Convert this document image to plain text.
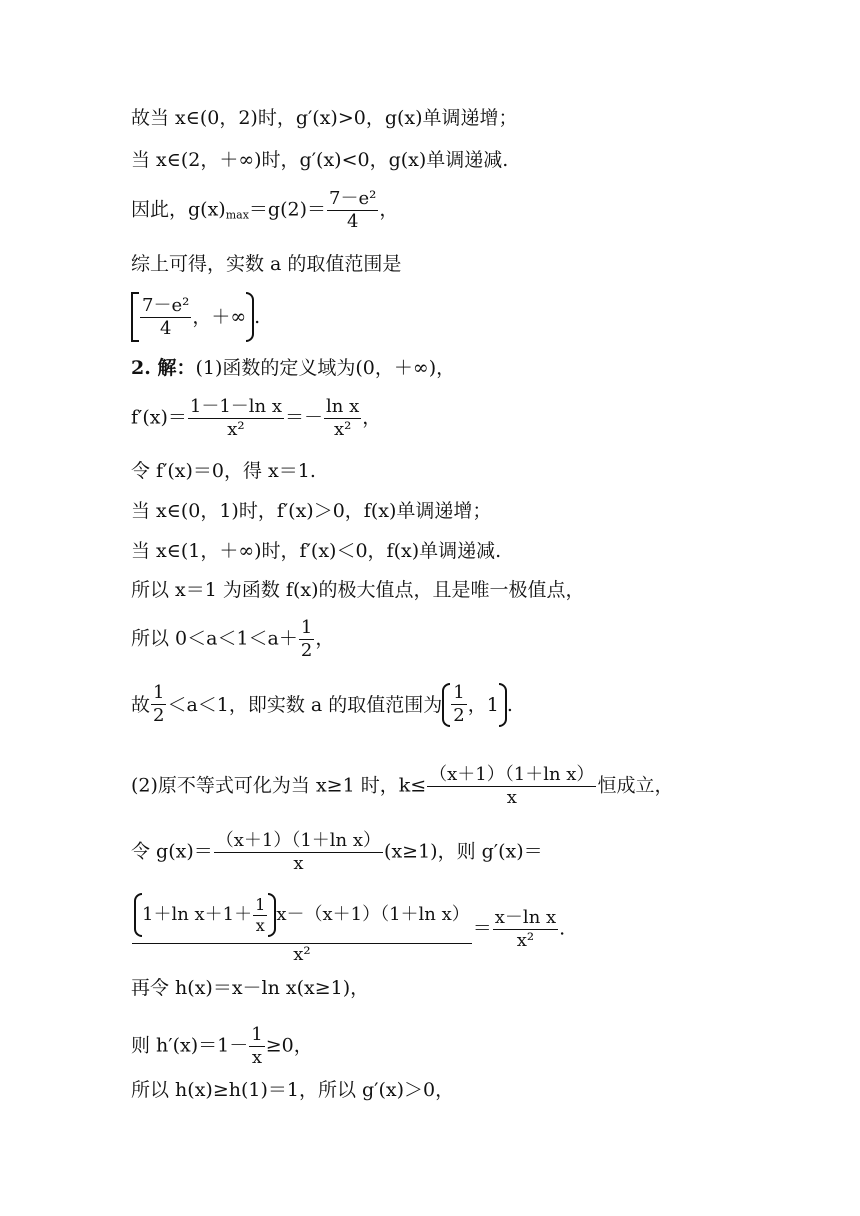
故当 x∈(0，2)时，g′(x)>0，g(x)单调递增；
当 x∈(2，＋∞)时，g′(x)<0，g(x)单调递减.
因此，$g(x)_{max}=g(2)= \frac{\text{7－e²}}{4}$ ，
综上可得，实数 a 的取值范围是
$\frac{\text{7－e²}}{4}$ ，＋∞ .
2. 解：(1)函数的定义域为(0，＋∞)，
$f'(x)= \frac{\text{1－1－ln x}}{\text{x²}} =- \frac{\text{ln x}}{\text{x²}}$ ，
令 f′(x)＝0，得 x＝1.
当 x∈(0，1)时，f′(x)＞0，f(x)单调递增；
当 x∈(1，＋∞)时，f′(x)＜0，f(x)单调递减.
所以 x＝1 为函数 f(x)的极大值点，且是唯一极值点，
所以 $0<a<1<a+ \frac{1}{2}$ ，
故 $\frac{1}{2} <a<1$，即实数 a 的取值范围为 $\frac{1}{2}$ ，1 .
(2)原不等式可化为当 x≥1 时，$k\le \frac{\text{（x＋1）（1＋ln x）}}{x}$ 恒成立，
令 $g(x)= \frac{\text{（x＋1）（1＋ln x）}}{x} (x\ge 1)$，则 g′(x)＝
$\frac{1+\ln x+1+ \frac{1}{x} x-(x+1)(1+\ln x)}{\text{x²}} = \frac{\text{x－ln x}}{\text{x²}}$ .
再令 h(x)＝x－ln x(x≥1)，
则 $h'(x)=1- \frac{1}{x} \ge 0$，
所以 h(x)≥h(1)＝1，所以 g′(x)＞0，
